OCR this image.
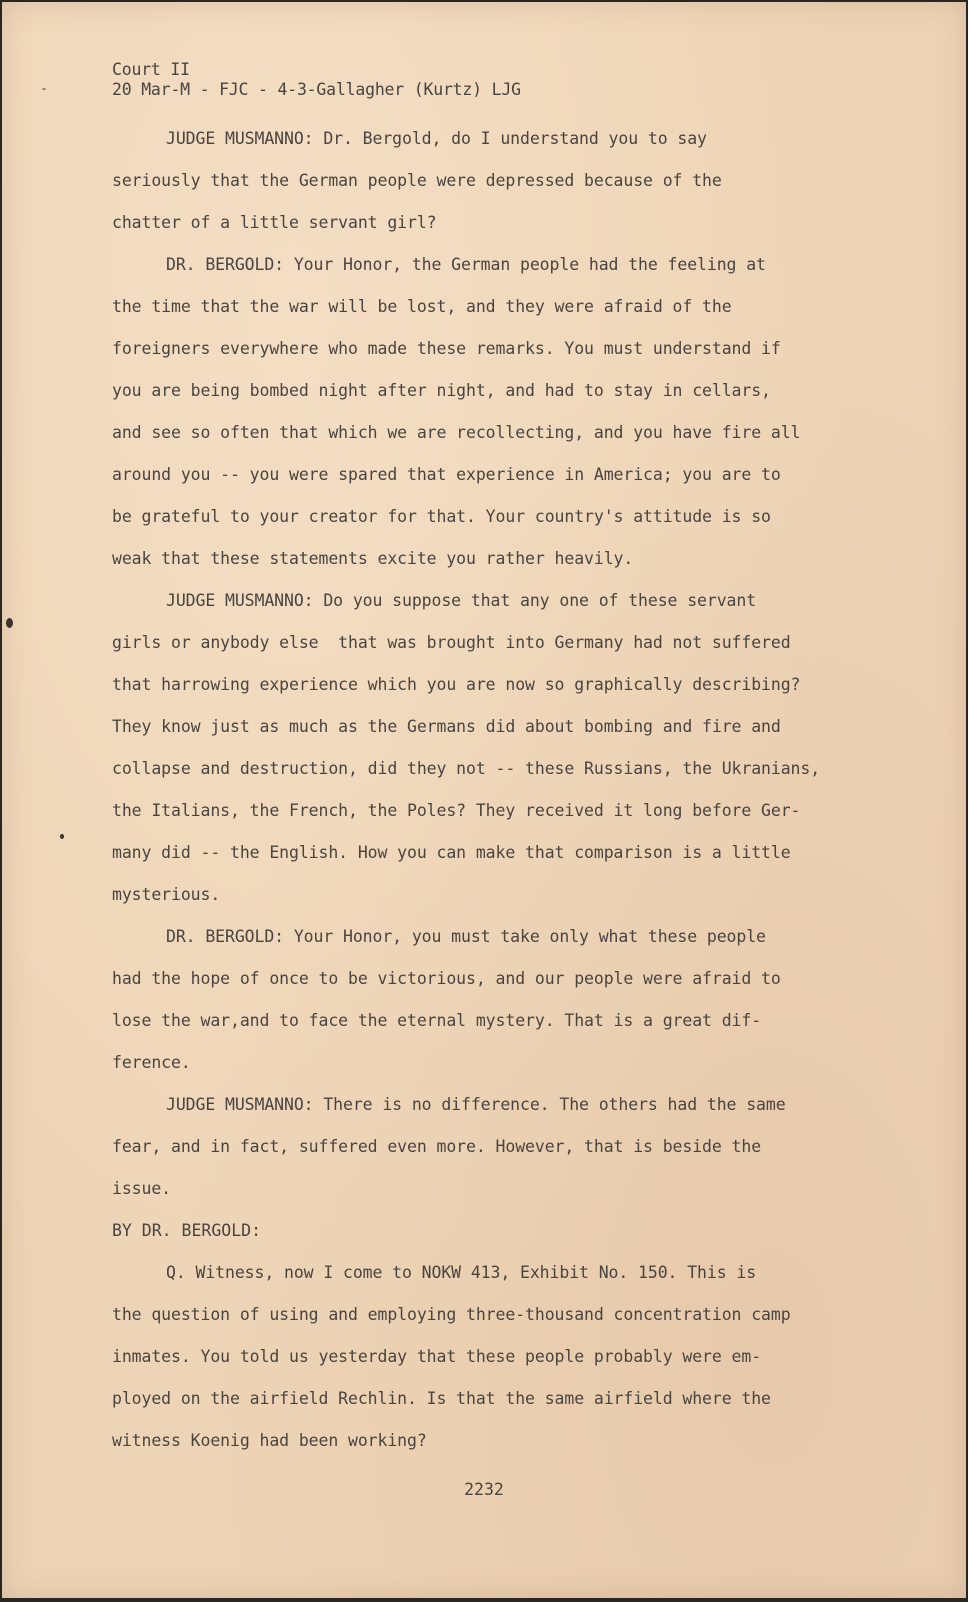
Court II
20 Mar-M - FJC - 4-3-Gallagher (Kurtz) LJG

JUDGE MUSMANNO: Dr. Bergold, do I understand you to say
seriously that the German people were depressed because of the
chatter of a little servant girl?

DR. BERGOLD: Your Honor, the German people had the feeling at
the time that the war will be lost, and they were afraid of the
foreigners everywhere who made these remarks. You must understand if
you are being bombed night after night, and had to stay in cellars,
and see so often that which we are recollecting, and you have fire all
around you -- you were spared that experience in America; you are to
be grateful to your creator for that. Your country's attitude is so
weak that these statements excite you rather heavily.

JUDGE MUSMANNO: Do you suppose that any one of these servant
girls or anybody else  that was brought into Germany had not suffered
that harrowing experience which you are now so graphically describing?
They know just as much as the Germans did about bombing and fire and
collapse and destruction, did they not -- these Russians, the Ukranians,
the Italians, the French, the Poles? They received it long before Ger-
many did -- the English. How you can make that comparison is a little
mysterious.

DR. BERGOLD: Your Honor, you must take only what these people
had the hope of once to be victorious, and our people were afraid to
lose the war,and to face the eternal mystery. That is a great dif-
ference.

JUDGE MUSMANNO: There is no difference. The others had the same
fear, and in fact, suffered even more. However, that is beside the
issue.

BY DR. BERGOLD:

Q. Witness, now I come to NOKW 413, Exhibit No. 150. This is
the question of using and employing three-thousand concentration camp
inmates. You told us yesterday that these people probably were em-
ployed on the airfield Rechlin. Is that the same airfield where the
witness Koenig had been working?

2232
